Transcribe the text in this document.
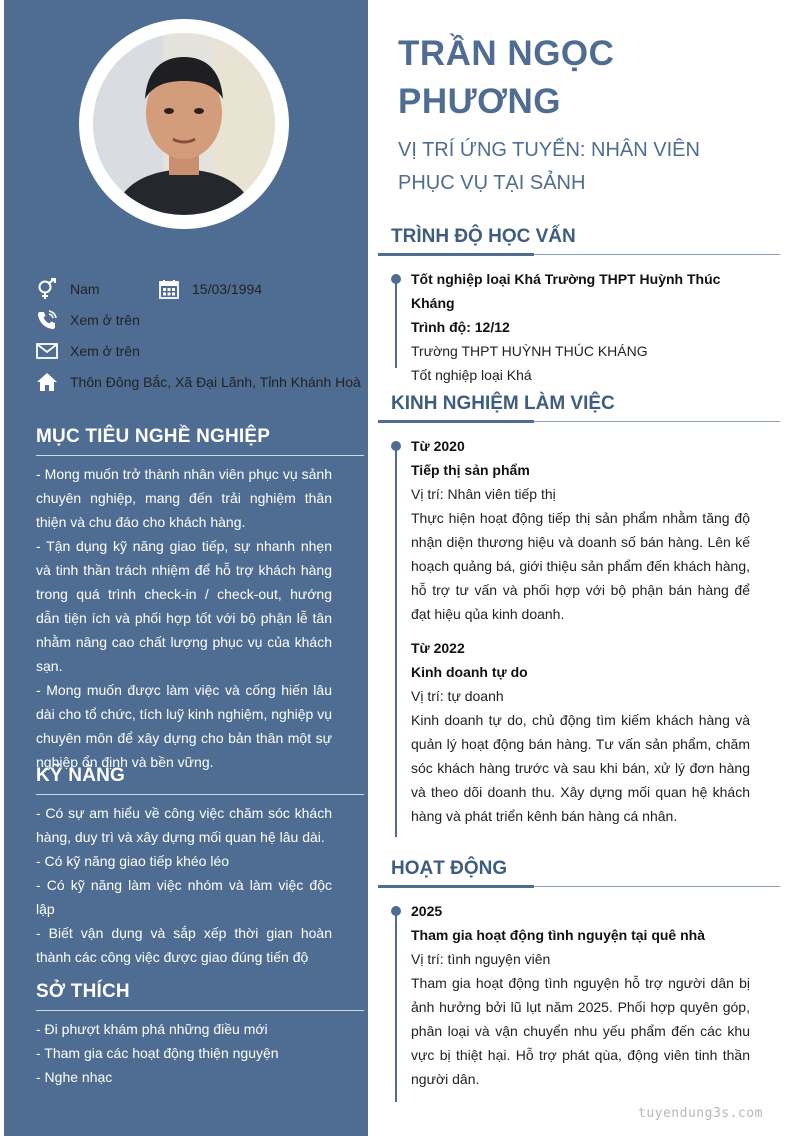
Nam	15/03/1994
Xem ở trên
Xem ở trên
Thôn Đông Bắc, Xã Đại Lãnh, Tỉnh Khánh Hoà
MỤC TIÊU NGHỀ NGHIỆP

- Mong muốn trở thành nhân viên phục vụ sảnh chuyên nghiệp, mang đến trải nghiệm thân thiện và chu đáo cho khách hàng.

- Tận dụng kỹ năng giao tiếp, sự nhanh nhẹn và tinh thần trách nhiệm để hỗ trợ khách hàng trong quá trình check-in / check-out, hướng dẫn tiện ích và phối hợp tốt với bộ phận lễ tân nhằm nâng cao chất lượng phục vụ của khách sạn.

- Mong muốn được làm việc và cống hiến lâu dài cho tổ chức, tích luỹ kinh nghiệm, nghiệp vụ chuyên môn để xây dựng cho bản thân một sự nghiệp ổn định và bền vững.

KỸ NĂNG

- Có sự am hiểu về công việc chăm sóc khách hàng, duy trì và xây dựng mối quan hệ lâu dài.

- Có kỹ năng giao tiếp khéo léo

- Có kỹ năng làm việc nhóm và làm việc độc lập

- Biết vận dụng và sắp xếp thời gian hoàn thành các công việc được giao đúng tiến độ

SỞ THÍCH

- Đi phượt khám phá những điều mới

- Tham gia các hoạt động thiện nguyện

- Nghe nhạc

TRẦN NGỌC
PHƯƠNG
VỊ TRÍ ỨNG TUYỂN: NHÂN VIÊN
PHỤC VỤ TẠI SẢNH
TRÌNH ĐỘ HỌC VẤN
Tốt nghiệp loại Khá Trường THPT Huỳnh Thúc Kháng
Trình độ: 12/12
Trường THPT HUỲNH THÚC KHÁNG
Tốt nghiệp loại Khá
KINH NGHIỆM LÀM VIỆC
Từ 2020
Tiếp thị sản phẩm
Vị trí: Nhân viên tiếp thị
Thực hiện hoạt động tiếp thị sản phẩm nhằm tăng độ nhận diện thương hiệu và doanh số bán hàng. Lên kế hoạch quảng bá, giới thiệu sản phẩm đến khách hàng, hỗ trợ tư vấn và phối hợp với bộ phận bán hàng để đạt hiệu qủa kinh doanh.
Từ 2022
Kinh doanh tự do
Vị trí: tự doanh
Kinh doanh tự do, chủ động tìm kiếm khách hàng và quản lý hoạt động bán hàng. Tư vấn sản phẩm, chăm sóc khách hàng trước và sau khi bán, xử lý đơn hàng và theo dõi doanh thu. Xây dựng mối quan hệ khách hàng và phát triển kênh bán hàng cá nhân.
HOẠT ĐỘNG
2025
Tham gia hoạt động tình nguyện tại quê nhà
Vị trí: tình nguyện viên
Tham gia hoạt động tình nguyện hỗ trợ người dân bị ảnh hưởng bởi lũ lụt năm 2025. Phối hợp quyên góp, phân loại và vận chuyển nhu yếu phẩm đến các khu vực bị thiệt hại. Hỗ trợ phát qùa, động viên tinh thần người dân.
tuyendung3s.com
